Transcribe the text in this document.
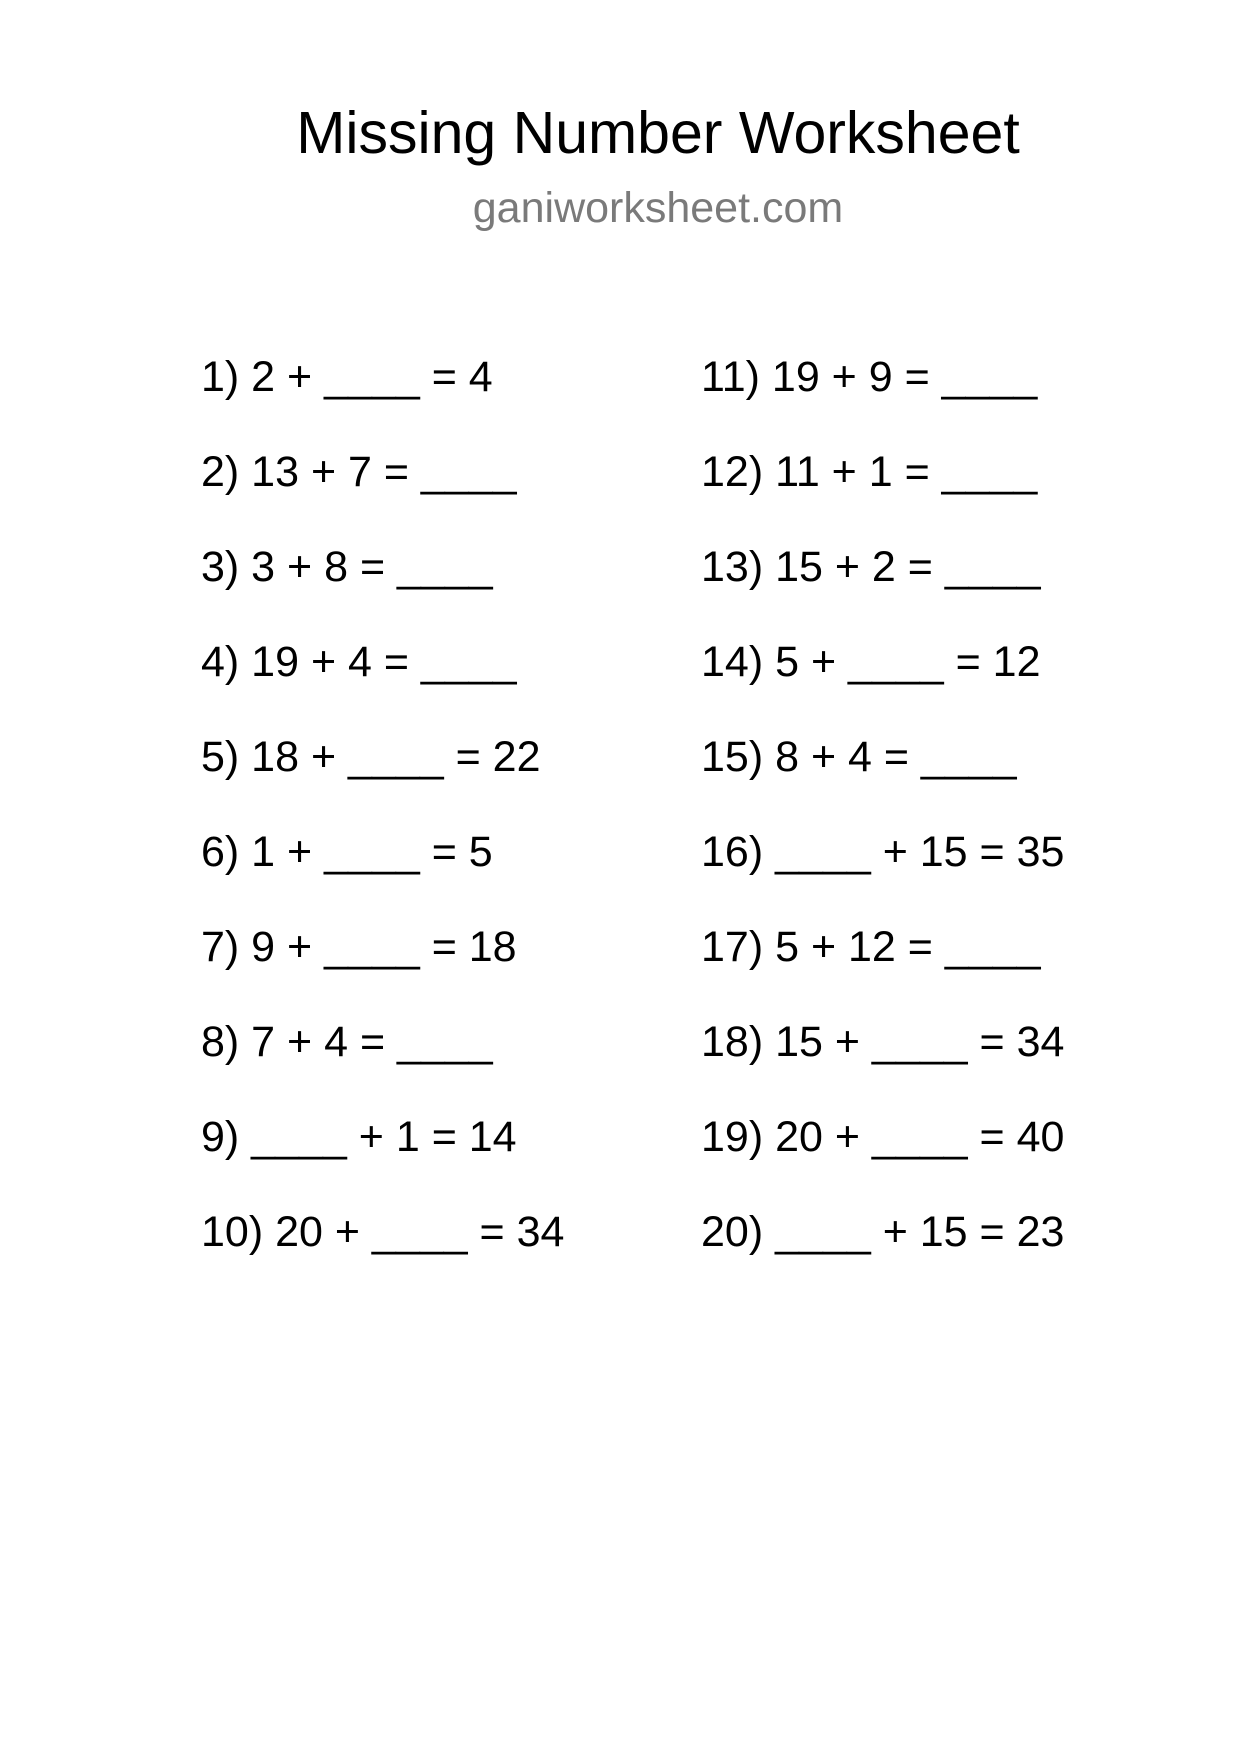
Missing Number Worksheet
ganiworksheet.com
1) 2 + ____ = 4
2) 13 + 7 = ____
3) 3 + 8 = ____
4) 19 + 4 = ____
5) 18 + ____ = 22
6) 1 + ____ = 5
7) 9 + ____ = 18
8) 7 + 4 = ____
9) ____ + 1 = 14
10) 20 + ____ = 34
11) 19 + 9 = ____
12) 11 + 1 = ____
13) 15 + 2 = ____
14) 5 + ____ = 12
15) 8 + 4 = ____
16) ____ + 15 = 35
17) 5 + 12 = ____
18) 15 + ____ = 34
19) 20 + ____ = 40
20) ____ + 15 = 23
